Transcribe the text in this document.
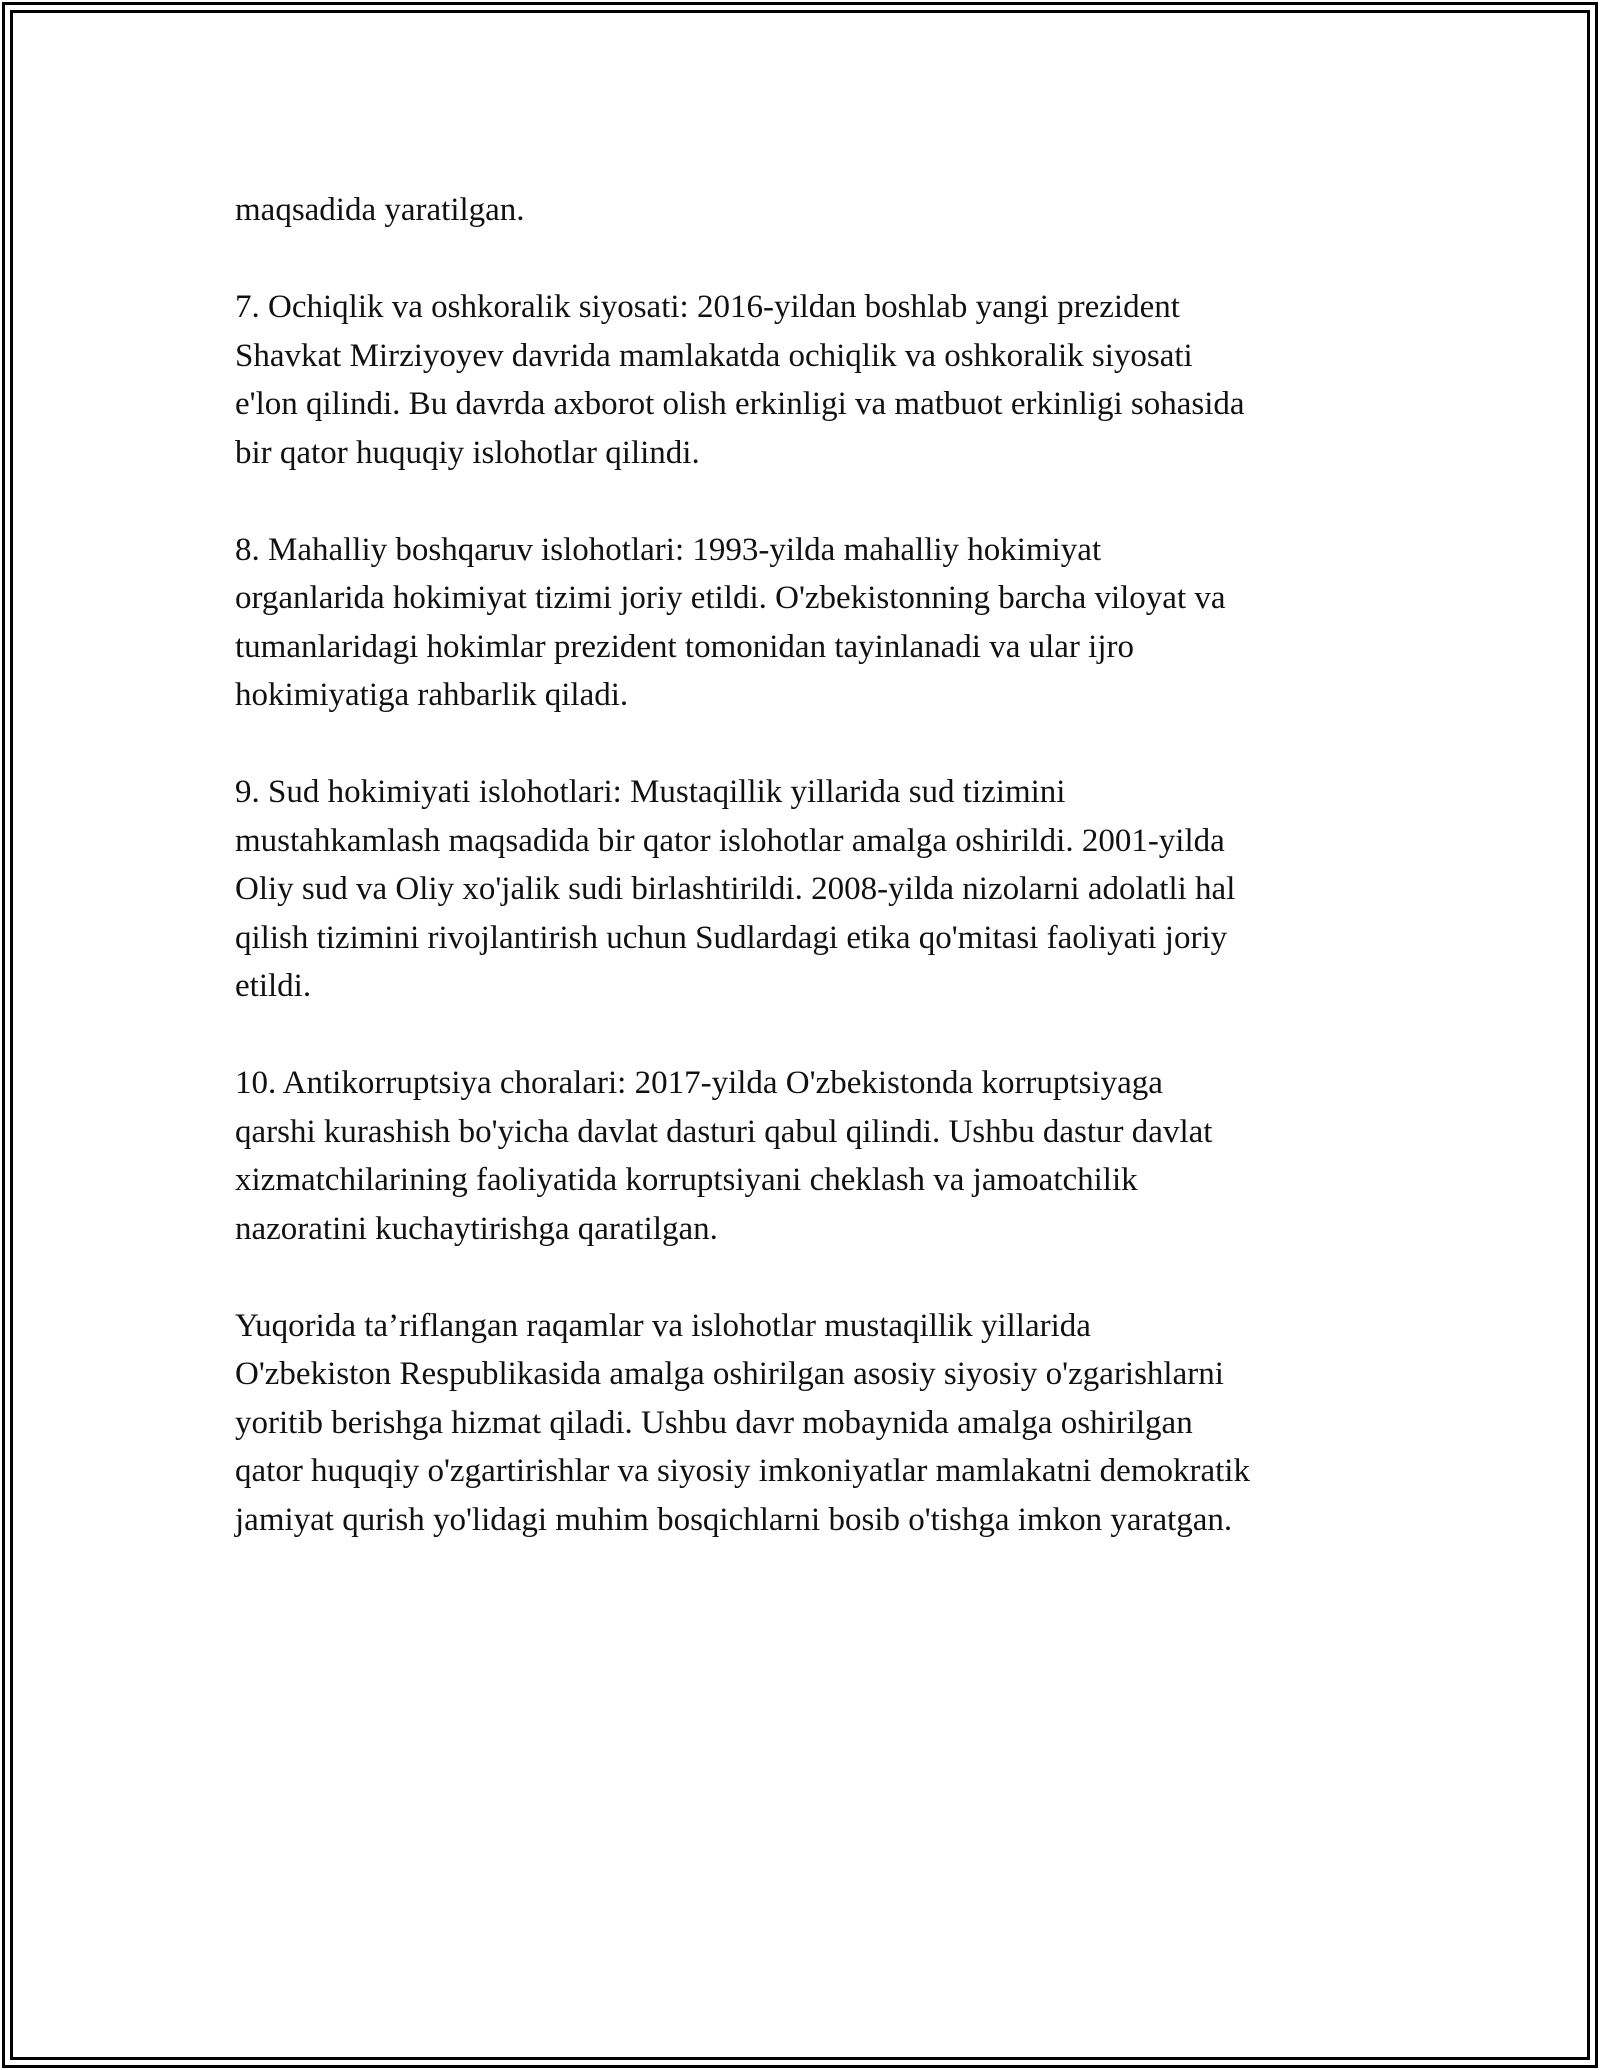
maqsadida yaratilgan.

7. Ochiqlik va oshkoralik siyosati: 2016-yildan boshlab yangi prezident
Shavkat Mirziyoyev davrida mamlakatda ochiqlik va oshkoralik siyosati
e'lon qilindi. Bu davrda axborot olish erkinligi va matbuot erkinligi sohasida
bir qator huquqiy islohotlar qilindi.

8. Mahalliy boshqaruv islohotlari: 1993-yilda mahalliy hokimiyat
organlarida hokimiyat tizimi joriy etildi. O'zbekistonning barcha viloyat va
tumanlaridagi hokimlar prezident tomonidan tayinlanadi va ular ijro
hokimiyatiga rahbarlik qiladi.

9. Sud hokimiyati islohotlari: Mustaqillik yillarida sud tizimini
mustahkamlash maqsadida bir qator islohotlar amalga oshirildi. 2001-yilda
Oliy sud va Oliy xo'jalik sudi birlashtirildi. 2008-yilda nizolarni adolatli hal
qilish tizimini rivojlantirish uchun Sudlardagi etika qo'mitasi faoliyati joriy
etildi.

10. Antikorruptsiya choralari: 2017-yilda O'zbekistonda korruptsiyaga
qarshi kurashish bo'yicha davlat dasturi qabul qilindi. Ushbu dastur davlat
xizmatchilarining faoliyatida korruptsiyani cheklash va jamoatchilik
nazoratini kuchaytirishga qaratilgan.

Yuqorida ta’riflangan raqamlar va islohotlar mustaqillik yillarida
O'zbekiston Respublikasida amalga oshirilgan asosiy siyosiy o'zgarishlarni
yoritib berishga hizmat qiladi. Ushbu davr mobaynida amalga oshirilgan
qator huquqiy o'zgartirishlar va siyosiy imkoniyatlar mamlakatni demokratik
jamiyat qurish yo'lidagi muhim bosqichlarni bosib o'tishga imkon yaratgan.
